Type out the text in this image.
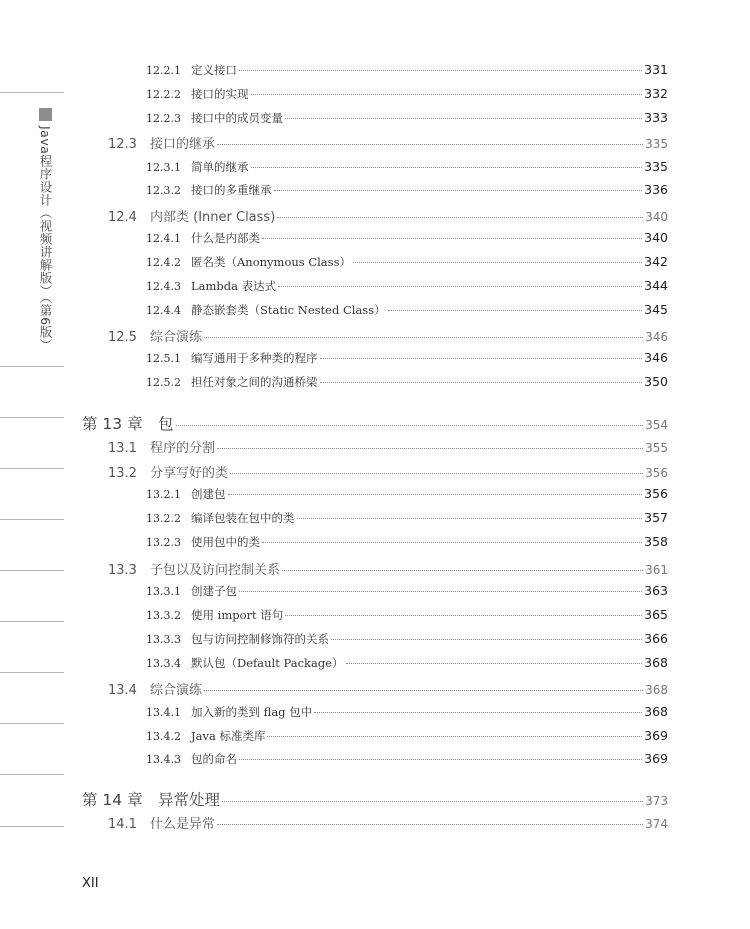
Java程序设计（视频讲解版）（第6版）
12.2.1 定义接口	331
12.2.2 接口的实现	332
12.2.3 接口中的成员变量	333
12.3	接口的继承	335
12.3.1 简单的继承	335
12.3.2 接口的多重继承	336
12.4	内部类 (Inner Class)	340
12.4.1 什么是内部类	340
12.4.2 匿名类（Anonymous Class）	342
12.4.3 Lambda 表达式	344
12.4.4 静态嵌套类（Static Nested Class）	345
12.5	综合演练	346
12.5.1 编写通用于多种类的程序	346
12.5.2 担任对象之间的沟通桥梁	350
第 13 章 包	354
13.1	程序的分割	355
13.2	分享写好的类	356
13.2.1 创建包	356
13.2.2 编译包装在包中的类	357
13.2.3 使用包中的类	358
13.3	子包以及访问控制关系	361
13.3.1 创建子包	363
13.3.2 使用 import 语句	365
13.3.3 包与访问控制修饰符的关系	366
13.3.4 默认包（Default Package）	368
13.4	综合演练	368
13.4.1 加入新的类到 flag 包中	368
13.4.2 Java 标准类库	369
13.4.3 包的命名	369
第 14 章 异常处理	373
14.1	什么是异常	374
XII
